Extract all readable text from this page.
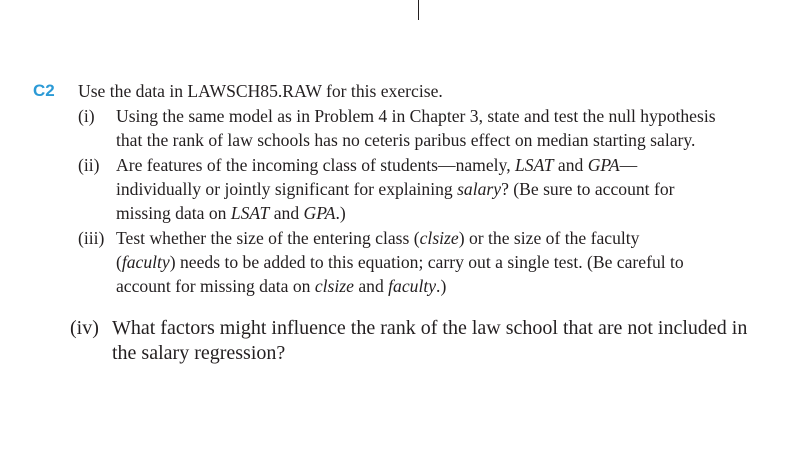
C2 Use the data in LAWSCH85.RAW for this exercise.
(i) Using the same model as in Problem 4 in Chapter 3, state and test the null hypothesis
that the rank of law schools has no ceteris paribus effect on median starting salary.
(ii) Are features of the incoming class of students—namely, LSAT and GPA—
individually or jointly significant for explaining salary? (Be sure to account for
missing data on LSAT and GPA.)
(iii) Test whether the size of the entering class (clsize) or the size of the faculty
(faculty) needs to be added to this equation; carry out a single test. (Be careful to
account for missing data on clsize and faculty.)
(iv) What factors might influence the rank of the law school that are not included in
the salary regression?
